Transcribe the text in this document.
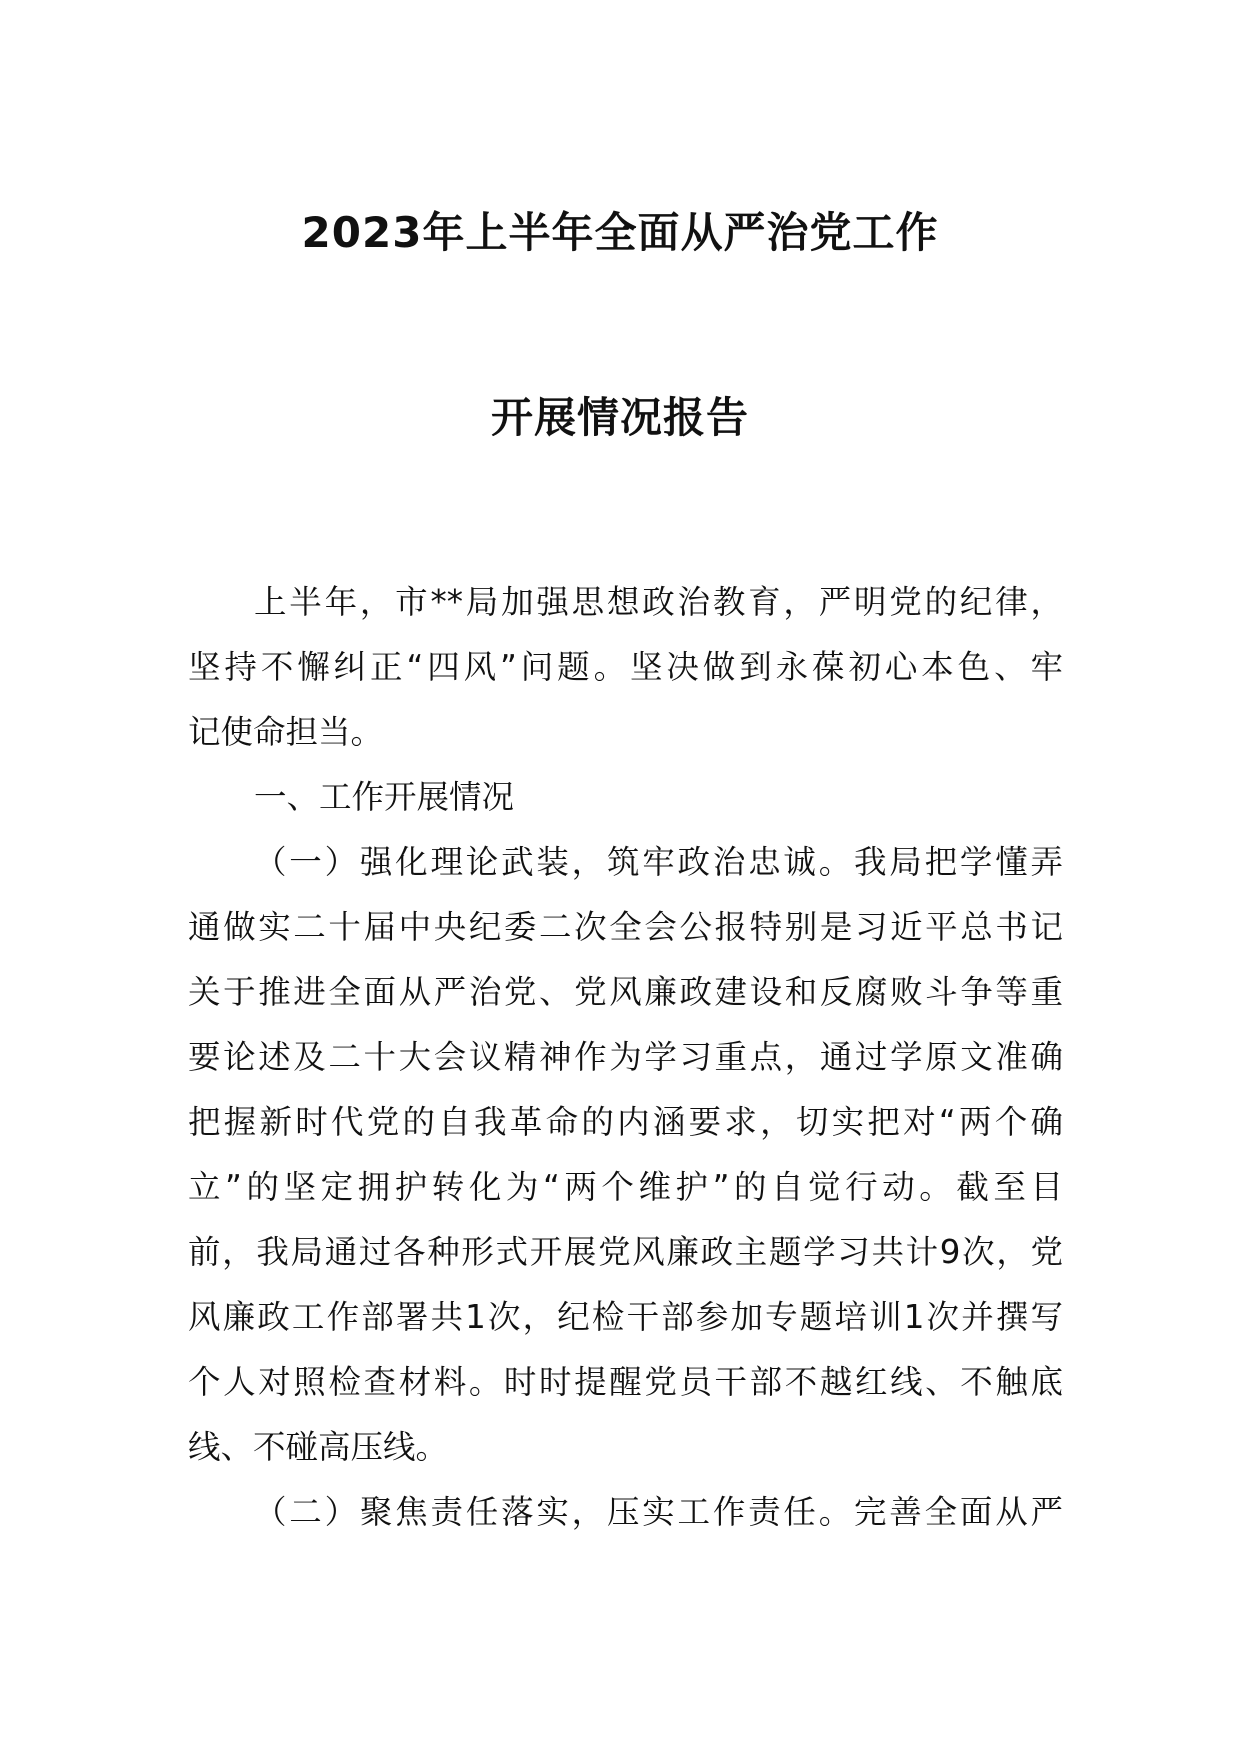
2023年上半年全面从严治党工作
开展情况报告
上半年，市**局加强思想政治教育，严明党的纪律，
坚持不懈纠正“四风”问题。坚决做到永葆初心本色、牢
记使命担当。
一、工作开展情况
（一）强化理论武装，筑牢政治忠诚。我局把学懂弄
通做实二十届中央纪委二次全会公报特别是习近平总书记
关于推进全面从严治党、党风廉政建设和反腐败斗争等重
要论述及二十大会议精神作为学习重点，通过学原文准确
把握新时代党的自我革命的内涵要求，切实把对“两个确
立”的坚定拥护转化为“两个维护”的自觉行动。截至目
前，我局通过各种形式开展党风廉政主题学习共计9次，党
风廉政工作部署共1次，纪检干部参加专题培训1次并撰写
个人对照检查材料。时时提醒党员干部不越红线、不触底
线、不碰高压线。
（二）聚焦责任落实，压实工作责任。完善全面从严
